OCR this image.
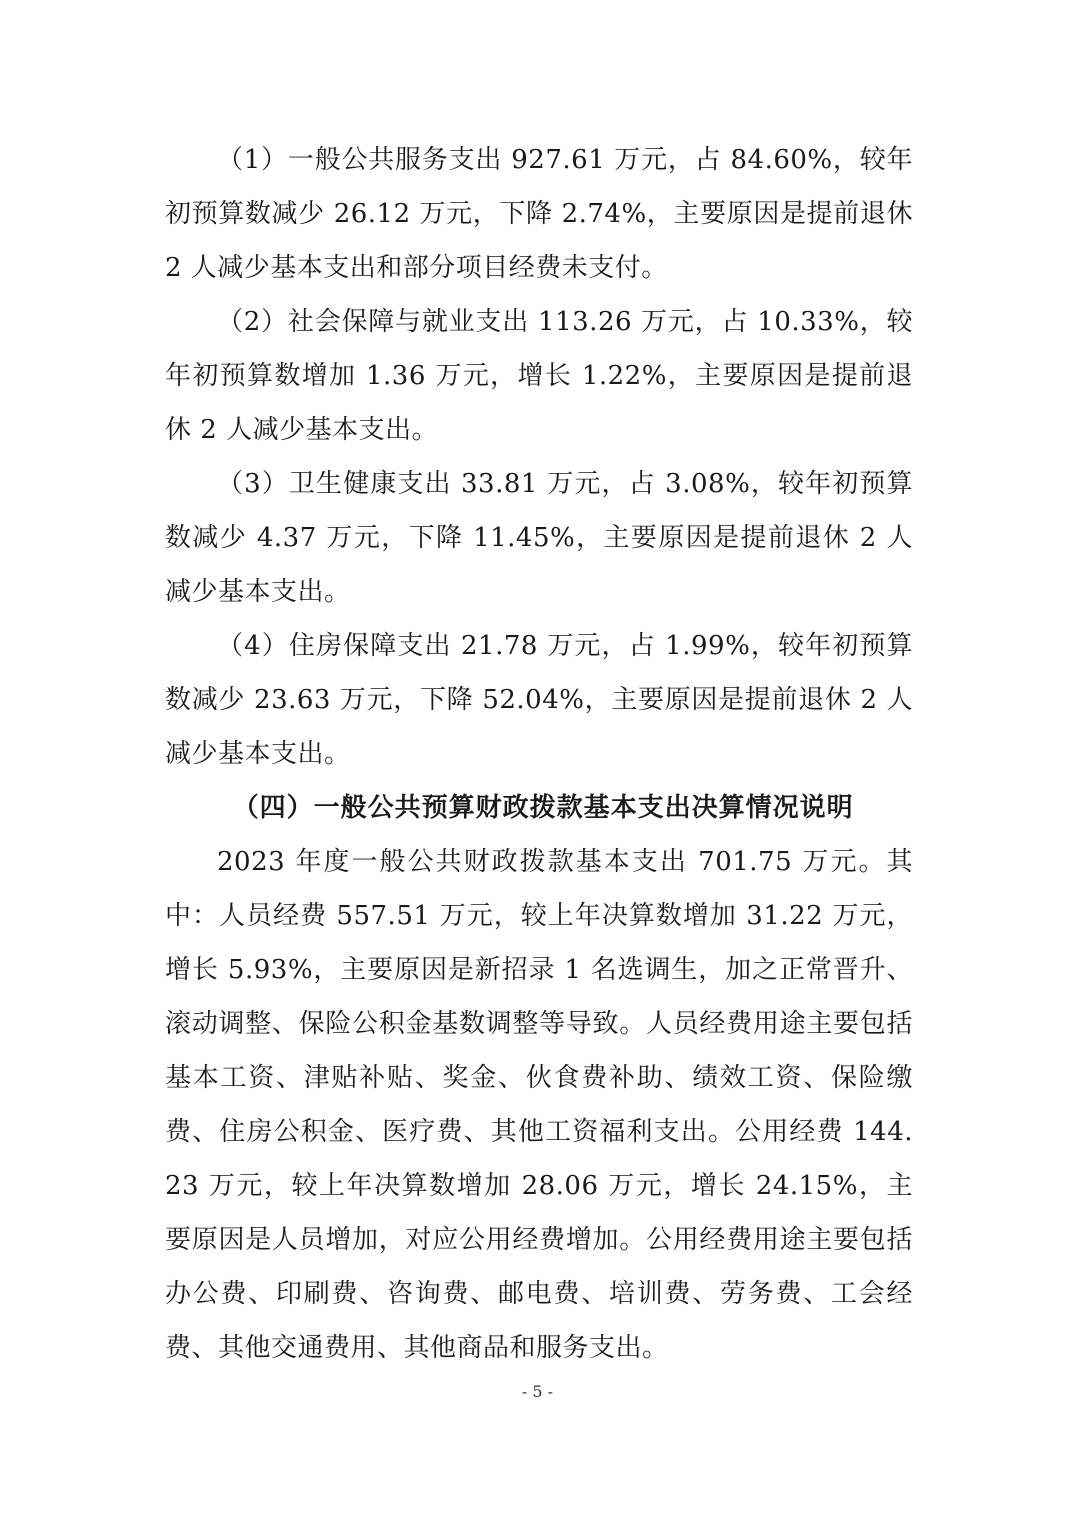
（1）一般公共服务支出 927.61 万元，占 84.60%，较年初预算数减少 26.12 万元，下降 2.74%，主要原因是提前退休 2 人减少基本支出和部分项目经费未支付。

（2）社会保障与就业支出 113.26 万元，占 10.33%，较年初预算数增加 1.36 万元，增长 1.22%，主要原因是提前退休 2 人减少基本支出。

（3）卫生健康支出 33.81 万元，占 3.08%，较年初预算数减少 4.37 万元，下降 11.45%，主要原因是提前退休 2 人减少基本支出。

（4）住房保障支出 21.78 万元，占 1.99%，较年初预算数减少 23.63 万元，下降 52.04%，主要原因是提前退休 2 人减少基本支出。

（四）一般公共预算财政拨款基本支出决算情况说明

2023 年度一般公共财政拨款基本支出 701.75 万元。其中：人员经费 557.51 万元，较上年决算数增加 31.22 万元，增长 5.93%，主要原因是新招录 1 名选调生，加之正常晋升、滚动调整、保险公积金基数调整等导致。人员经费用途主要包括基本工资、津贴补贴、奖金、伙食费补助、绩效工资、保险缴费、住房公积金、医疗费、其他工资福利支出。公用经费 144.23 万元，较上年决算数增加 28.06 万元，增长 24.15%，主要原因是人员增加，对应公用经费增加。公用经费用途主要包括办公费、印刷费、咨询费、邮电费、培训费、劳务费、工会经费、其他交通费用、其他商品和服务支出。

- 5 -
